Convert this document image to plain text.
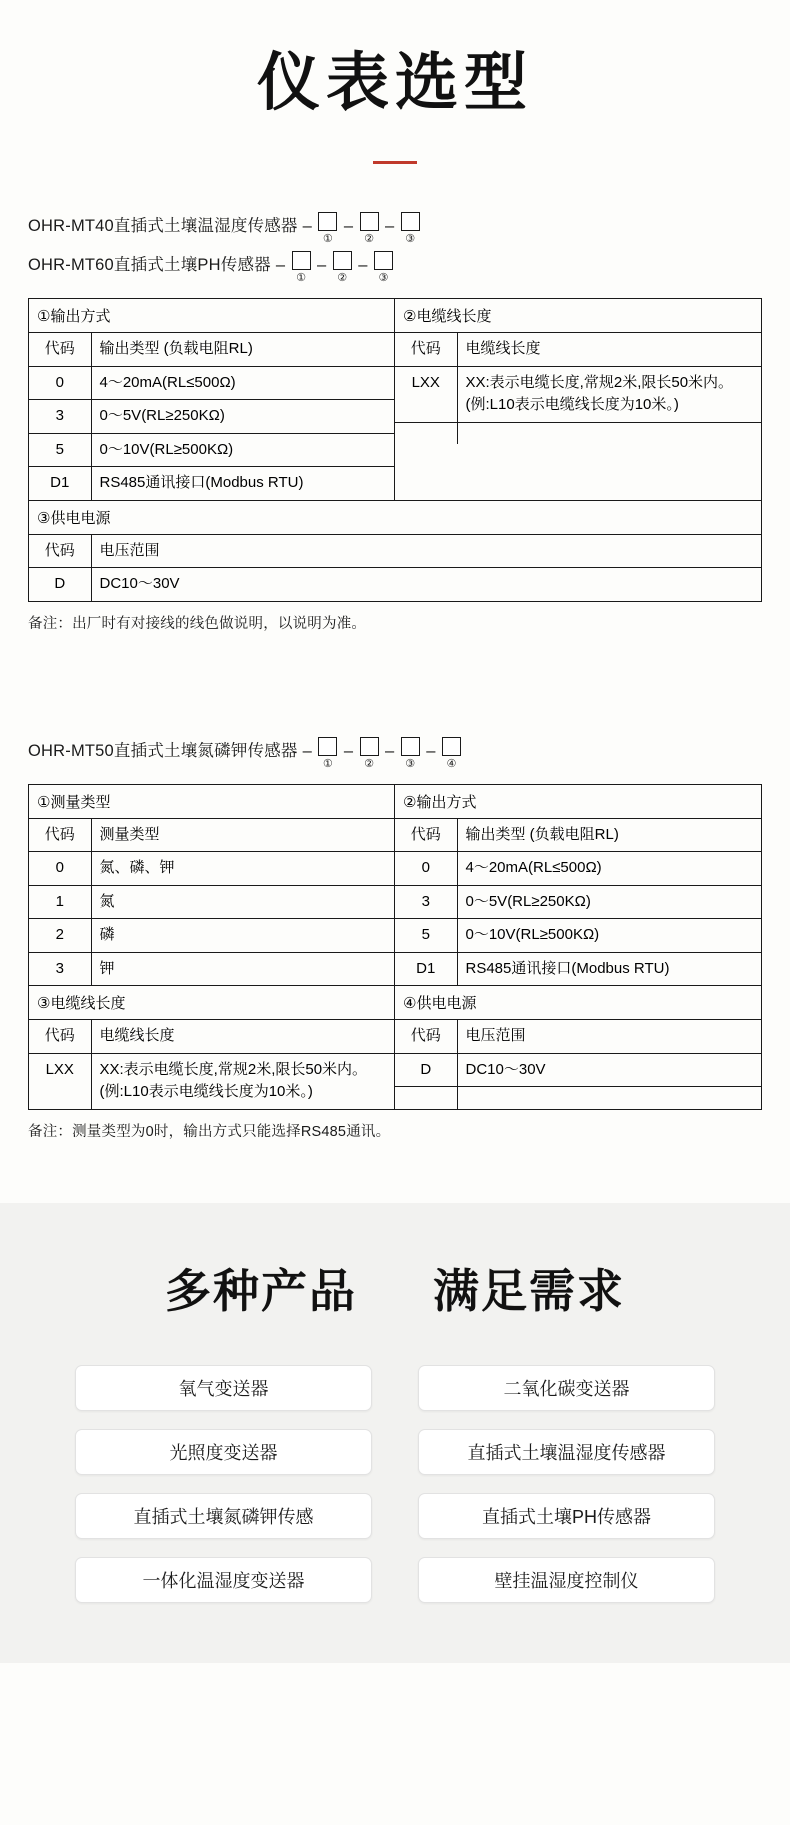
仪表选型
OHR-MT40直插式土壤温湿度传感器 –
①
–
②
–
③
OHR-MT60直插式土壤PH传感器 –
①
–
②
–
③
①输出方式
代码	输出类型 (负载电阻RL)
0	4～20mA(RL≤500Ω)
3	0～5V(RL≥250KΩ)
5	0～10V(RL≥500KΩ)
D1	RS485通讯接口(Modbus RTU)
②电缆线长度
代码	电缆线长度
LXX	XX:表示电缆长度,常规2米,限长50米内。(例:L10表示电缆线长度为10米。)

③供电电源
代码	电压范围
D	DC10～30V
备注：出厂时有对接线的线色做说明，以说明为准。
OHR-MT50直插式土壤氮磷钾传感器 –
①
–
②
–
③
–
④
①测量类型
代码	测量类型
0	氮、磷、钾
1	氮
2	磷
3	钾
②输出方式
代码	输出类型 (负载电阻RL)
0	4～20mA(RL≤500Ω)
3	0～5V(RL≥250KΩ)
5	0～10V(RL≥500KΩ)
D1	RS485通讯接口(Modbus RTU)
③电缆线长度
代码	电缆线长度
LXX	XX:表示电缆长度,常规2米,限长50米内。(例:L10表示电缆线长度为10米。)
④供电电源
代码	电压范围
D	DC10～30V

备注：测量类型为0时，输出方式只能选择RS485通讯。
多种产品 满足需求
氧气变送器	二氧化碳变送器
光照度变送器	直插式土壤温湿度传感器
直插式土壤氮磷钾传感	直插式土壤PH传感器
一体化温湿度变送器	壁挂温湿度控制仪
